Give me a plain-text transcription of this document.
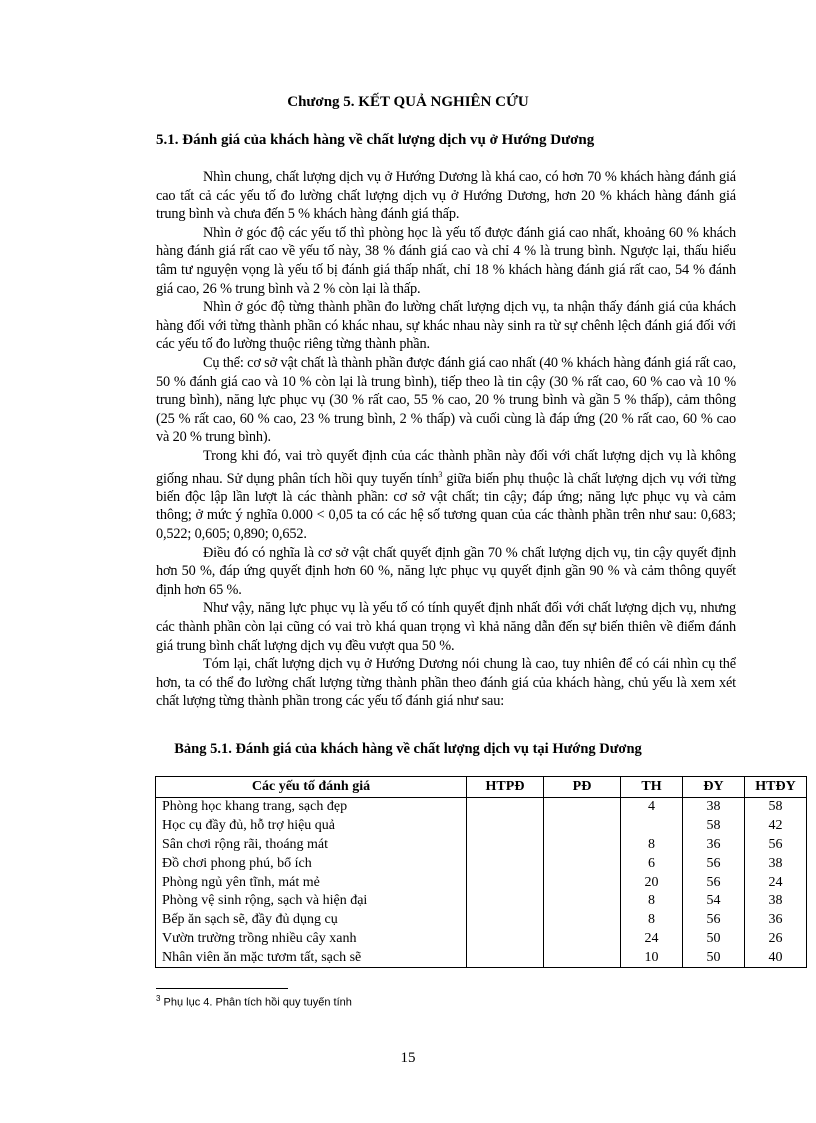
Chương 5. KẾT QUẢ NGHIÊN CỨU
5.1. Đánh giá của khách hàng về chất lượng dịch vụ ở Hướng Dương

Nhìn chung, chất lượng dịch vụ ở Hướng Dương là khá cao, có hơn 70 % khách hàng đánh giá cao tất cả các yếu tố đo lường chất lượng dịch vụ ở Hướng Dương, hơn 20 % khách hàng đánh giá trung bình và chưa đến 5 % khách hàng đánh giá thấp.

Nhìn ở góc độ các yếu tố thì phòng học là yếu tố được đánh giá cao nhất, khoảng 60 % khách hàng đánh giá rất cao về yếu tố này, 38 % đánh giá cao và chỉ 4 % là trung bình. Ngược lại, thấu hiểu tâm tư nguyện vọng là yếu tố bị đánh giá thấp nhất, chỉ 18 % khách hàng đánh giá rất cao, 54 % đánh giá cao, 26 % trung bình và 2 % còn lại là thấp.

Nhìn ở góc độ từng thành phần đo lường chất lượng dịch vụ, ta nhận thấy đánh giá của khách hàng đối với từng thành phần có khác nhau, sự khác nhau này sinh ra từ sự chênh lệch đánh giá đối với các yếu tố đo lường thuộc riêng từng thành phần.

Cụ thể: cơ sở vật chất là thành phần được đánh giá cao nhất (40 % khách hàng đánh giá rất cao, 50 % đánh giá cao và 10 % còn lại là trung bình), tiếp theo là tin cậy (30 % rất cao, 60 % cao và 10 % trung bình), năng lực phục vụ (30 % rất cao, 55 % cao, 20 % trung bình và gần 5 % thấp), cảm thông (25 % rất cao, 60 % cao, 23 % trung bình, 2 % thấp) và cuối cùng là đáp ứng (20 % rất cao, 60 % cao và 20 % trung bình).

Trong khi đó, vai trò quyết định của các thành phần này đối với chất lượng dịch vụ là không giống nhau. Sử dụng phân tích hồi quy tuyến tính$^3$ giữa biến phụ thuộc là chất lượng dịch vụ với từng biến độc lập lần lượt là các thành phần: cơ sở vật chất; tin cậy; đáp ứng; năng lực phục vụ và cảm thông; ở mức ý nghĩa 0.000 < 0,05 ta có các hệ số tương quan của các thành phần trên như sau: 0,683; 0,522; 0,605; 0,890; 0,652.

Điều đó có nghĩa là cơ sở vật chất quyết định gần 70 % chất lượng dịch vụ, tin cậy quyết định hơn 50 %, đáp ứng quyết định hơn 60 %, năng lực phục vụ quyết định gần 90 % và cảm thông quyết định hơn 65 %.

Như vậy, năng lực phục vụ là yếu tố có tính quyết định nhất đối với chất lượng dịch vụ, nhưng các thành phần còn lại cũng có vai trò khá quan trọng vì khả năng dẫn đến sự biến thiên về điểm đánh giá trung bình chất lượng dịch vụ đều vượt qua 50 %.

Tóm lại, chất lượng dịch vụ ở Hướng Dương nói chung là cao, tuy nhiên để có cái nhìn cụ thể hơn, ta có thể đo lường chất lượng từng thành phần theo đánh giá của khách hàng, chủ yếu là xem xét chất lượng từng thành phần trong các yếu tố đánh giá như sau:

Bảng 5.1. Đánh giá của khách hàng về chất lượng dịch vụ tại Hướng Dương
Các yếu tố đánh giá	HTPĐ	PĐ	TH	ĐY	HTĐY
Phòng học khang trang, sạch đẹp			4	38	58
Học cụ đầy đủ, hỗ trợ hiệu quả				58	42
Sân chơi rộng rãi, thoáng mát			8	36	56
Đồ chơi phong phú, bổ ích			6	56	38
Phòng ngủ yên tĩnh, mát mẻ			20	56	24
Phòng vệ sinh rộng, sạch và hiện đại			8	54	38
Bếp ăn sạch sẽ, đầy đủ dụng cụ			8	56	36
Vườn trường trồng nhiều cây xanh			24	50	26
Nhân viên ăn mặc tươm tất, sạch sẽ			10	50	40
$^3$ Phụ lục 4. Phân tích hồi quy tuyến tính
15
